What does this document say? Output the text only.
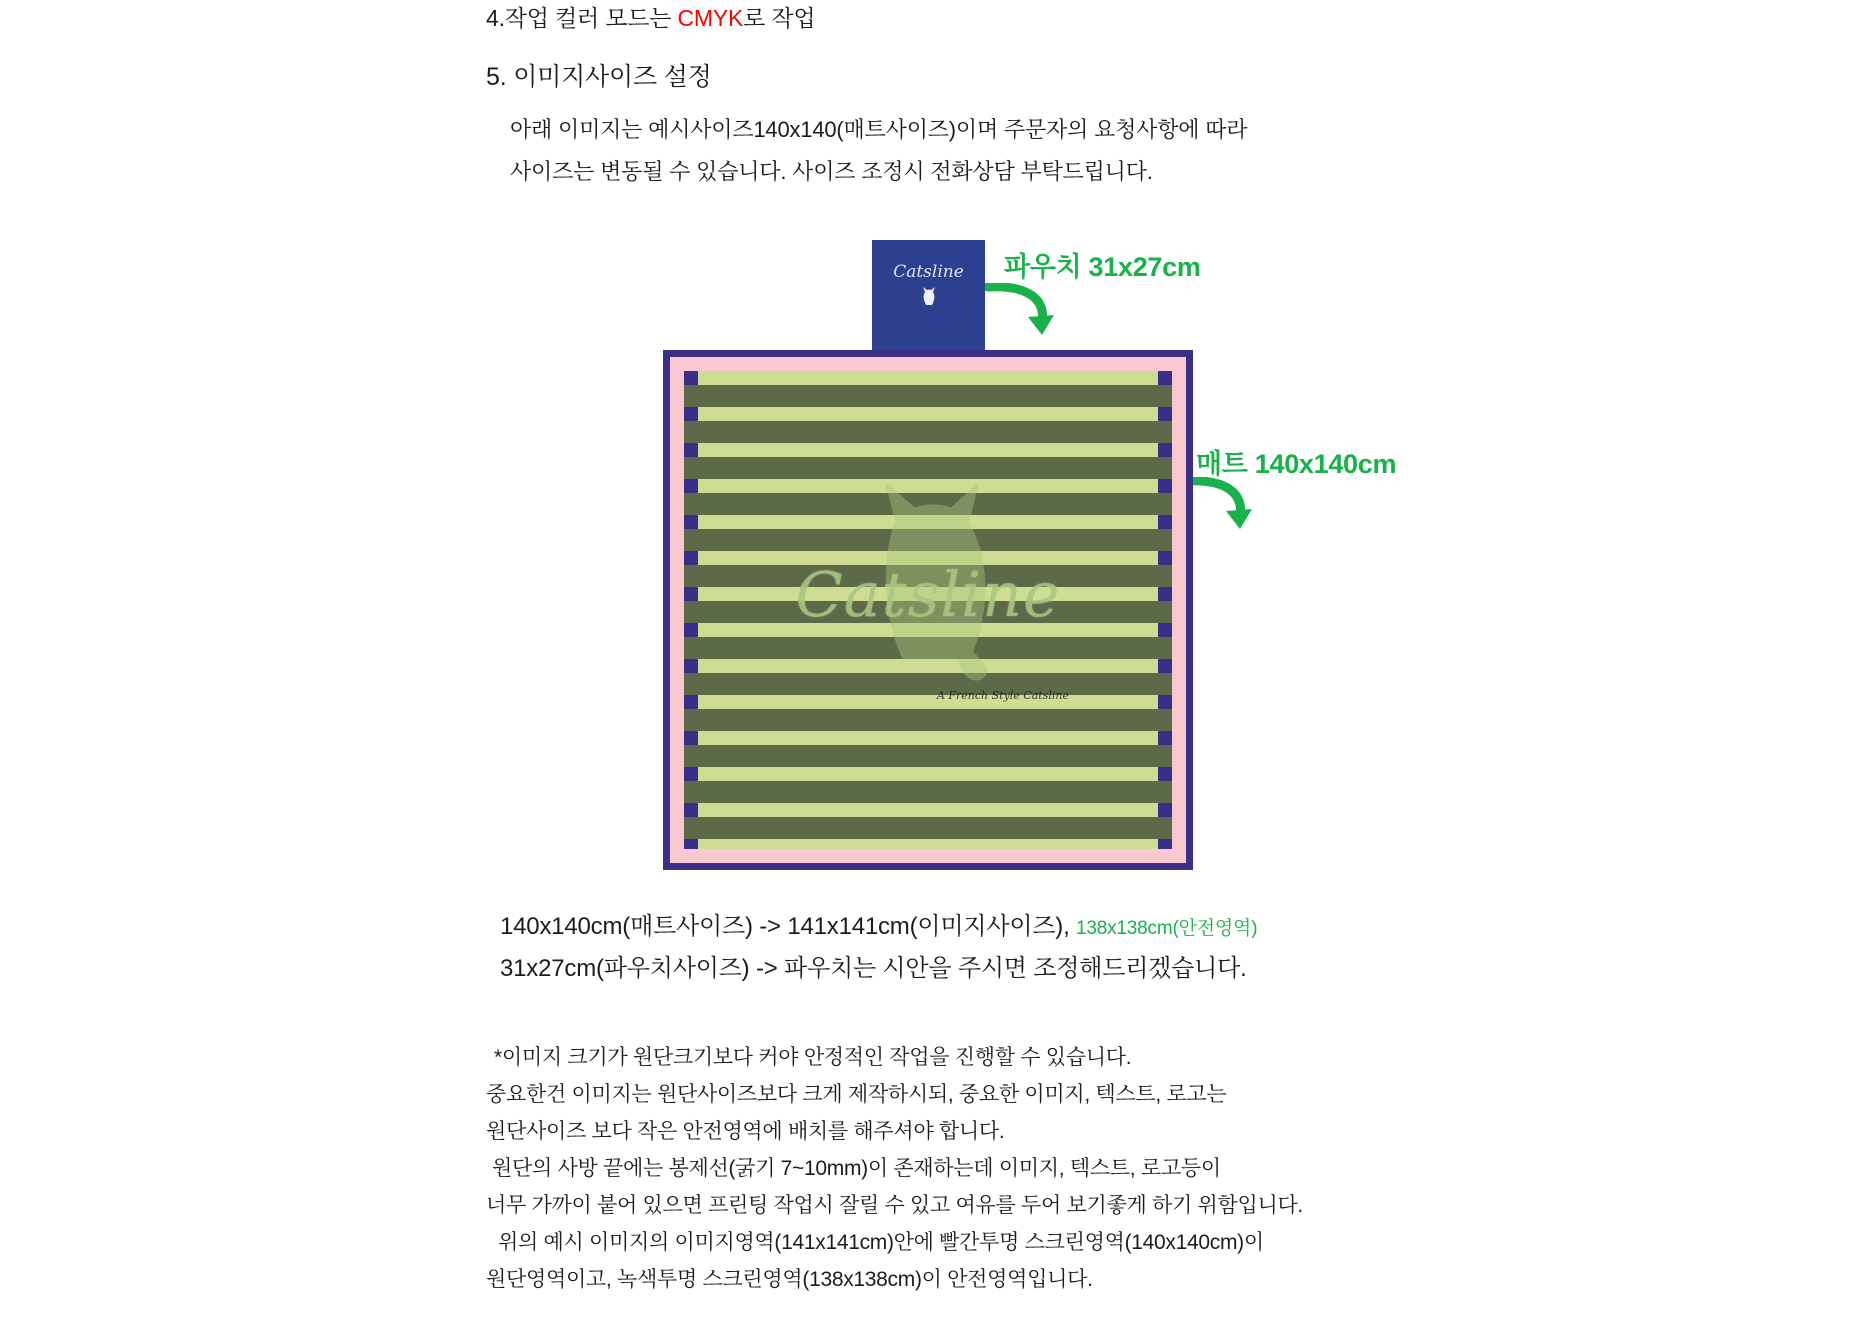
4.작업 컬러 모드는 CMYK로 작업
5. 이미지사이즈 설정
아래 이미지는 예시사이즈140x140(매트사이즈)이며 주문자의 요청사항에 따라
사이즈는 변동될 수 있습니다. 사이즈 조정시 전화상담 부탁드립니다.
파우치 31x27cm
매트 140x140cm
Catsline
Catsline
A French Style Catsline
140x140cm(매트사이즈) -> 141x141cm(이미지사이즈), 138x138cm(안전영역)
31x27cm(파우치사이즈) -> 파우치는 시안을 주시면 조정해드리겠습니다.
*이미지 크기가 원단크기보다 커야 안정적인 작업을 진행할 수 있습니다.
중요한건 이미지는 원단사이즈보다 크게 제작하시되, 중요한 이미지, 텍스트, 로고는
원단사이즈 보다 작은 안전영역에 배치를 해주셔야 합니다.
원단의 사방 끝에는 봉제선(굵기 7~10mm)이 존재하는데 이미지, 텍스트, 로고등이
너무 가까이 붙어 있으면 프린팅 작업시 잘릴 수 있고 여유를 두어 보기좋게 하기 위함입니다.
위의 예시 이미지의 이미지영역(141x141cm)안에 빨간투명 스크린영역(140x140cm)이
원단영역이고, 녹색투명 스크린영역(138x138cm)이 안전영역입니다.
